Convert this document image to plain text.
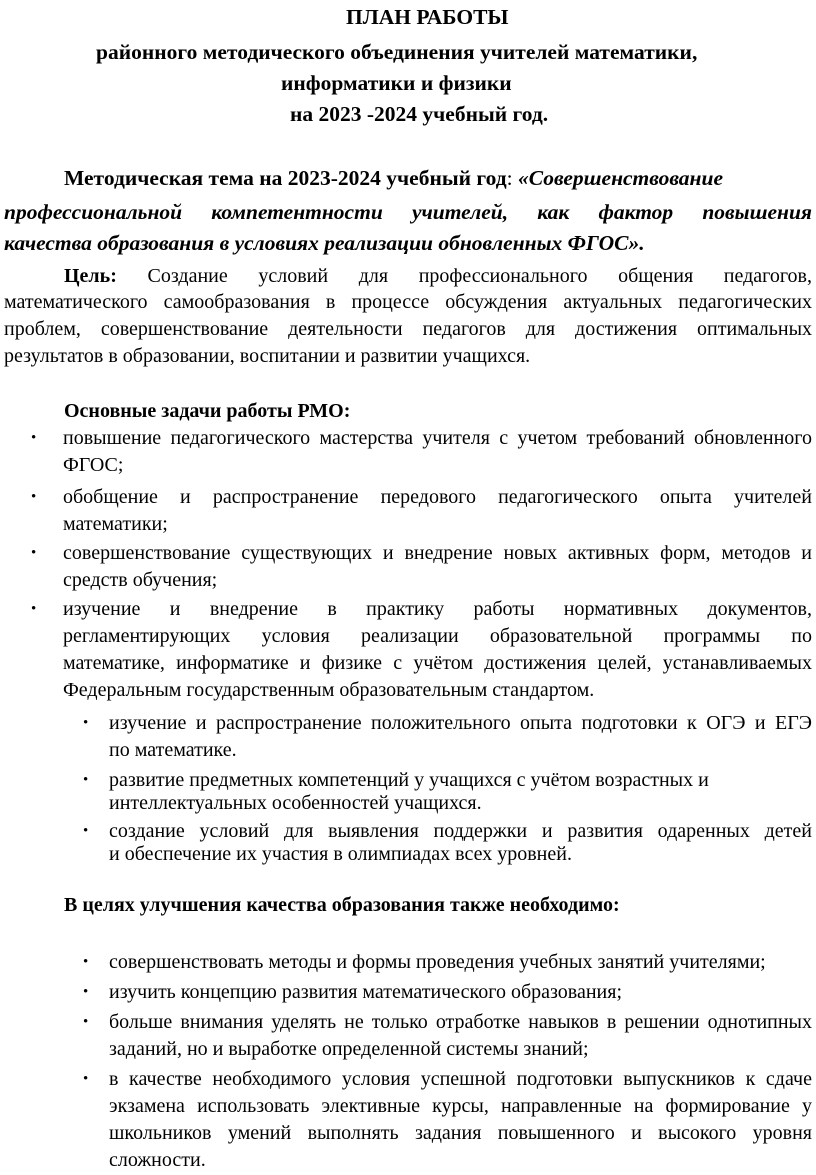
ПЛАН РАБОТЫ
районного методического объединения учителей математики,
информатики и физики
на 2023 -2024 учебный год.
Методическая тема на 2023-2024 учебный год: «Совершенствование
профессиональной компетентности учителей, как фактор повышения
качества образования в условиях реализации обновленных ФГОС».
Цель: Создание условий для профессионального общения педагогов,
математического самообразования в процессе обсуждения актуальных педагогических
проблем, совершенствование деятельности педагогов для достижения оптимальных
результатов в образовании, воспитании и развитии учащихся.
Основные задачи работы РМО:
• повышение педагогического мастерства учителя с учетом требований обновленного
ФГОС;
• обобщение и распространение передового педагогического опыта учителей
математики;
• совершенствование существующих и внедрение новых активных форм, методов и
средств обучения;
• изучение и внедрение в практику работы нормативных документов,
регламентирующих условия реализации образовательной программы по
математике, информатике и физике с учётом достижения целей, устанавливаемых
Федеральным государственным образовательным стандартом.
• изучение и распространение положительного опыта подготовки к ОГЭ и ЕГЭ
по математике.
• развитие предметных компетенций у учащихся с учётом возрастных и
интеллектуальных особенностей учащихся.
• создание условий для выявления поддержки и развития одаренных детей
и обеспечение их участия в олимпиадах всех уровней.
В целях улучшения качества образования также необходимо:
• совершенствовать методы и формы проведения учебных занятий учителями;
• изучить концепцию развития математического образования;
• больше внимания уделять не только отработке навыков в решении однотипных
заданий, но и выработке определенной системы знаний;
• в качестве необходимого условия успешной подготовки выпускников к сдаче
экзамена использовать элективные курсы, направленные на формирование у
школьников умений выполнять задания повышенного и высокого уровня
сложности.
